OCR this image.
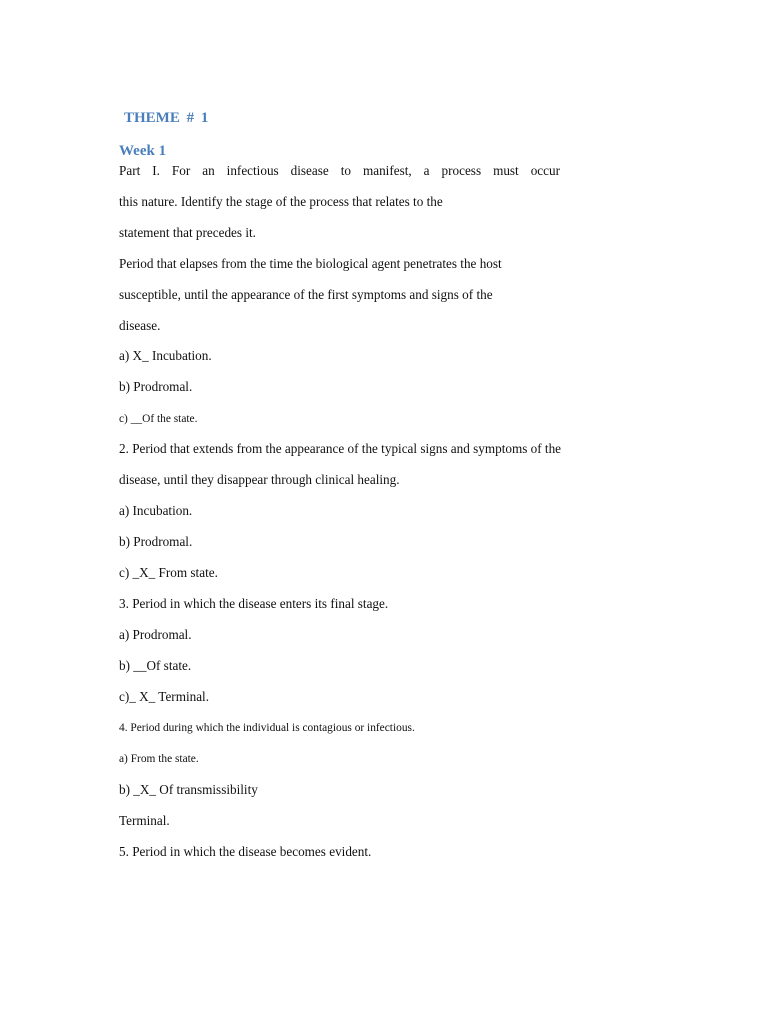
THEME # 1
Week 1
Part I. For an infectious disease to manifest, a process must occur
this nature. Identify the stage of the process that relates to the
statement that precedes it.
Period that elapses from the time the biological agent penetrates the host
susceptible, until the appearance of the first symptoms and signs of the
disease.
a) X_ Incubation.
b) Prodromal.
c) __Of the state.
2. Period that extends from the appearance of the typical signs and symptoms of the
disease, until they disappear through clinical healing.
a) Incubation.
b) Prodromal.
c) _X_ From state.
3. Period in which the disease enters its final stage.
a) Prodromal.
b) __Of state.
c)_ X_ Terminal.
4. Period during which the individual is contagious or infectious.
a) From the state.
b) _X_ Of transmissibility
Terminal.
5. Period in which the disease becomes evident.
